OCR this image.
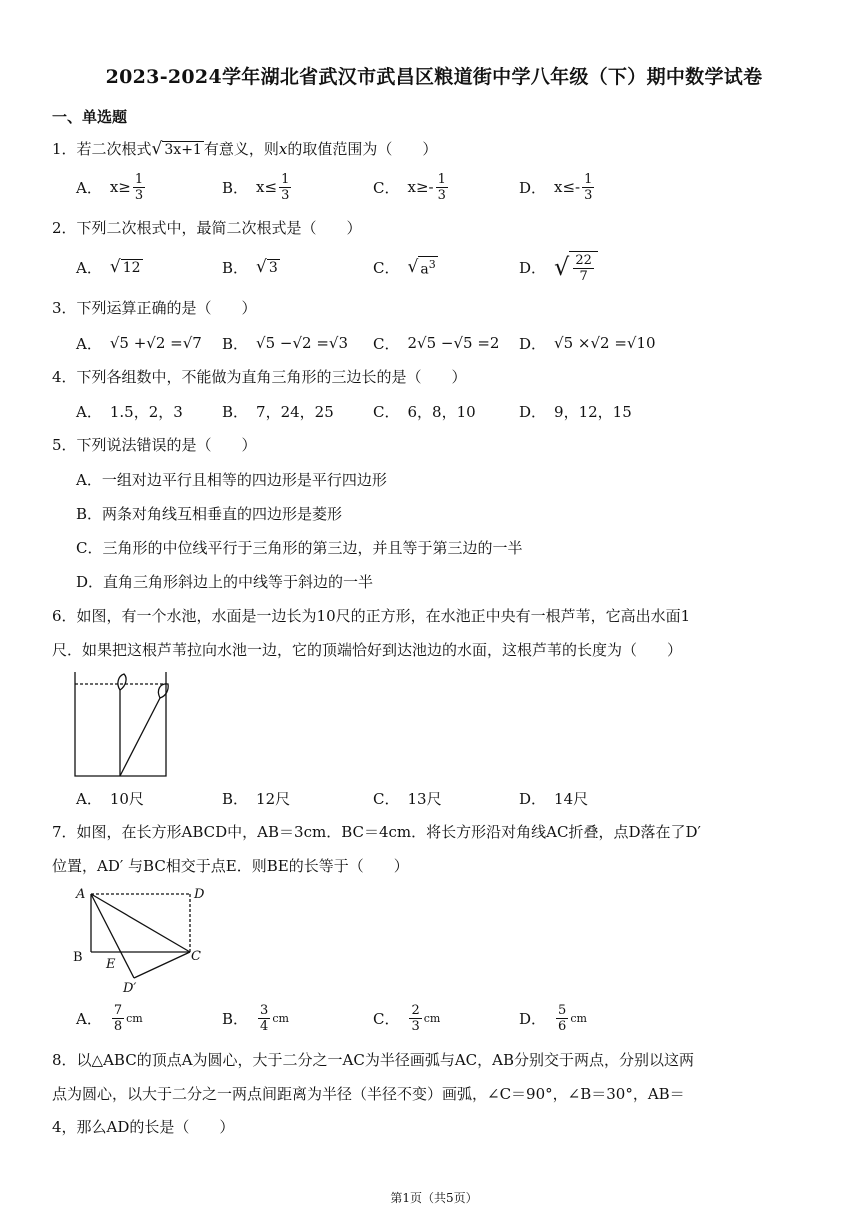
2023-2024学年湖北省武汉市武昌区粮道街中学八年级（下）期中数学试卷
一、单选题
1．若二次根式 √ 3x+1 有意义，则x的取值范围为（　　）
A． $x\ge \frac{1}{3}$	B． $x\le \frac{1}{3}$	C． $x\ge- \frac{1}{3}$	D． $x\le- \frac{1}{3}$
2．下列二次根式中，最简二次根式是（　　）
A． √ 12	B． √ 3	C． √ $a^3$	D． √ $\frac{22}{7}$
3．下列运算正确的是（　　）
A． √5 +√2 =√7 B． √5 −√2 =√3 C． 2√5 −√5 =2 D． √5 ×√2 =√10
4．下列各组数中，不能做为直角三角形的三边长的是（　　）
A． 1.5，2，3	B． 7，24，25	C． 6，8，10	D． 9，12，15
5．下列说法错误的是（　　）
A．一组对边平行且相等的四边形是平行四边形
B．两条对角线互相垂直的四边形是菱形
C．三角形的中位线平行于三角形的第三边，并且等于第三边的一半
D．直角三角形斜边上的中线等于斜边的一半
6．如图，有一个水池，水面是一边长为10尺的正方形，在水池正中央有一根芦苇，它高出水面1
尺．如果把这根芦苇拉向水池一边，它的顶端恰好到达池边的水面，这根芦苇的长度为（　　）
A． 10尺	B． 12尺	C． 13尺	D． 14尺
7．如图，在长方形ABCD中，AB＝3cm．BC＝4cm．将长方形沿对角线AC折叠，点D落在了D′
位置，AD′ 与BC相交于点E．则BE的长等于（　　）
A	D
B E
C
D′
A． $\frac{7}{8}$ cm	B． $\frac{3}{4}$ cm	C． $\frac{2}{3}$ cm	D． $\frac{5}{6}$ cm
8．以△ABC的顶点A为圆心，大于二分之一AC为半径画弧与AC，AB分别交于两点，分别以这两
点为圆心，以大于二分之一两点间距离为半径（半径不变）画弧，∠C＝90°，∠B＝30°，AB＝
4，那么AD的长是（　　）
第1页（共5页）
